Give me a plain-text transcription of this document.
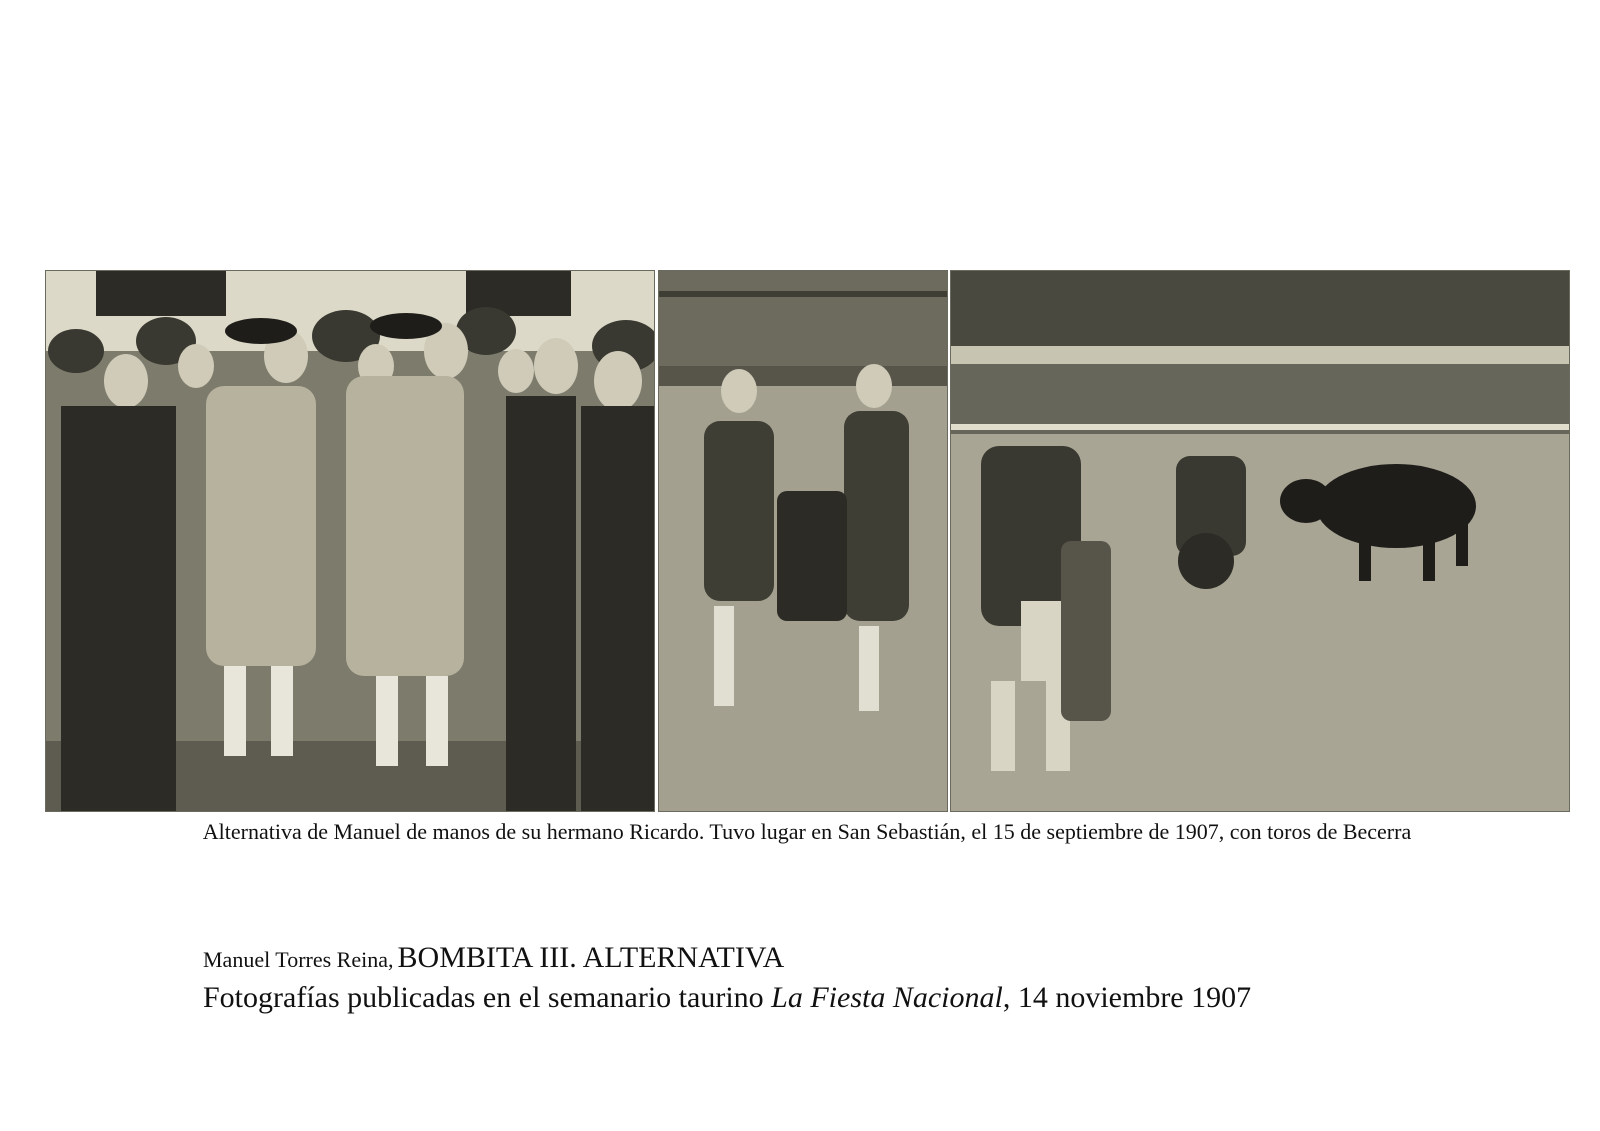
Alternativa de Manuel de manos de su hermano Ricardo. Tuvo lugar en San Sebastián, el 15 de septiembre de 1907, con toros de Becerra
Manuel Torres Reina, BOMBITA III. ALTERNATIVA
Fotografías publicadas en el semanario taurino La Fiesta Nacional, 14 noviembre 1907
